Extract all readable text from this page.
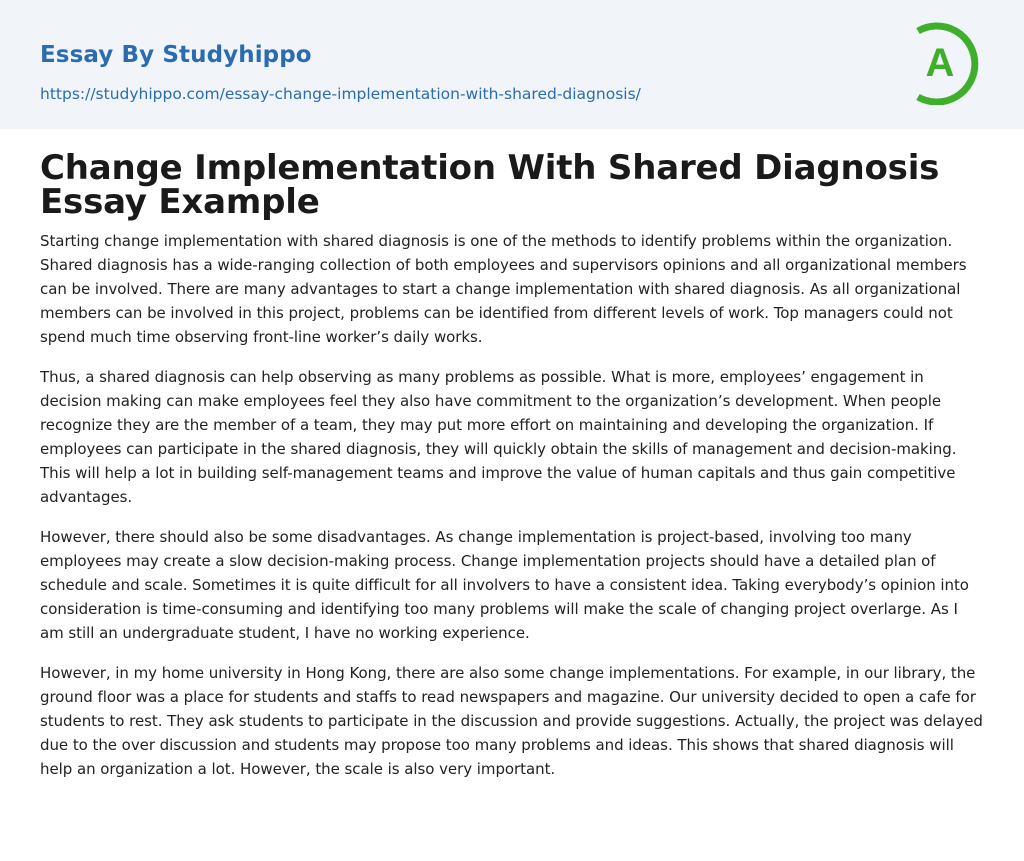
Essay By Studyhippo
https://studyhippo.com/essay-change-implementation-with-shared-diagnosis/
A
Change Implementation With Shared Diagnosis Essay Example

Starting change implementation with shared diagnosis is one of the methods to identify problems within the organization. Shared diagnosis has a wide-ranging collection of both employees and supervisors opinions and all organizational members can be involved. There are many advantages to start a change implementation with shared diagnosis. As all organizational members can be involved in this project, problems can be identified from different levels of work. Top managers could not spend much time observing front-line worker’s daily works.

Thus, a shared diagnosis can help observing as many problems as possible. What is more, employees’ engagement in decision making can make employees feel they also have commitment to the organization’s development. When people recognize they are the member of a team, they may put more effort on maintaining and developing the organization. If employees can participate in the shared diagnosis, they will quickly obtain the skills of management and decision-making. This will help a lot in building self-management teams and improve the value of human capitals and thus gain competitive advantages.

However, there should also be some disadvantages. As change implementation is project-based, involving too many employees may create a slow decision-making process. Change implementation projects should have a detailed plan of schedule and scale. Sometimes it is quite difficult for all involvers to have a consistent idea. Taking everybody’s opinion into consideration is time-consuming and identifying too many problems will make the scale of changing project overlarge. As I am still an undergraduate student, I have no working experience.

However, in my home university in Hong Kong, there are also some change implementations. For example, in our library, the ground floor was a place for students and staffs to read newspapers and magazine. Our university decided to open a cafe for students to rest. They ask students to participate in the discussion and provide suggestions. Actually, the project was delayed due to the over discussion and students may propose too many problems and ideas. This shows that shared diagnosis will help an organization a lot. However, the scale is also very important.
